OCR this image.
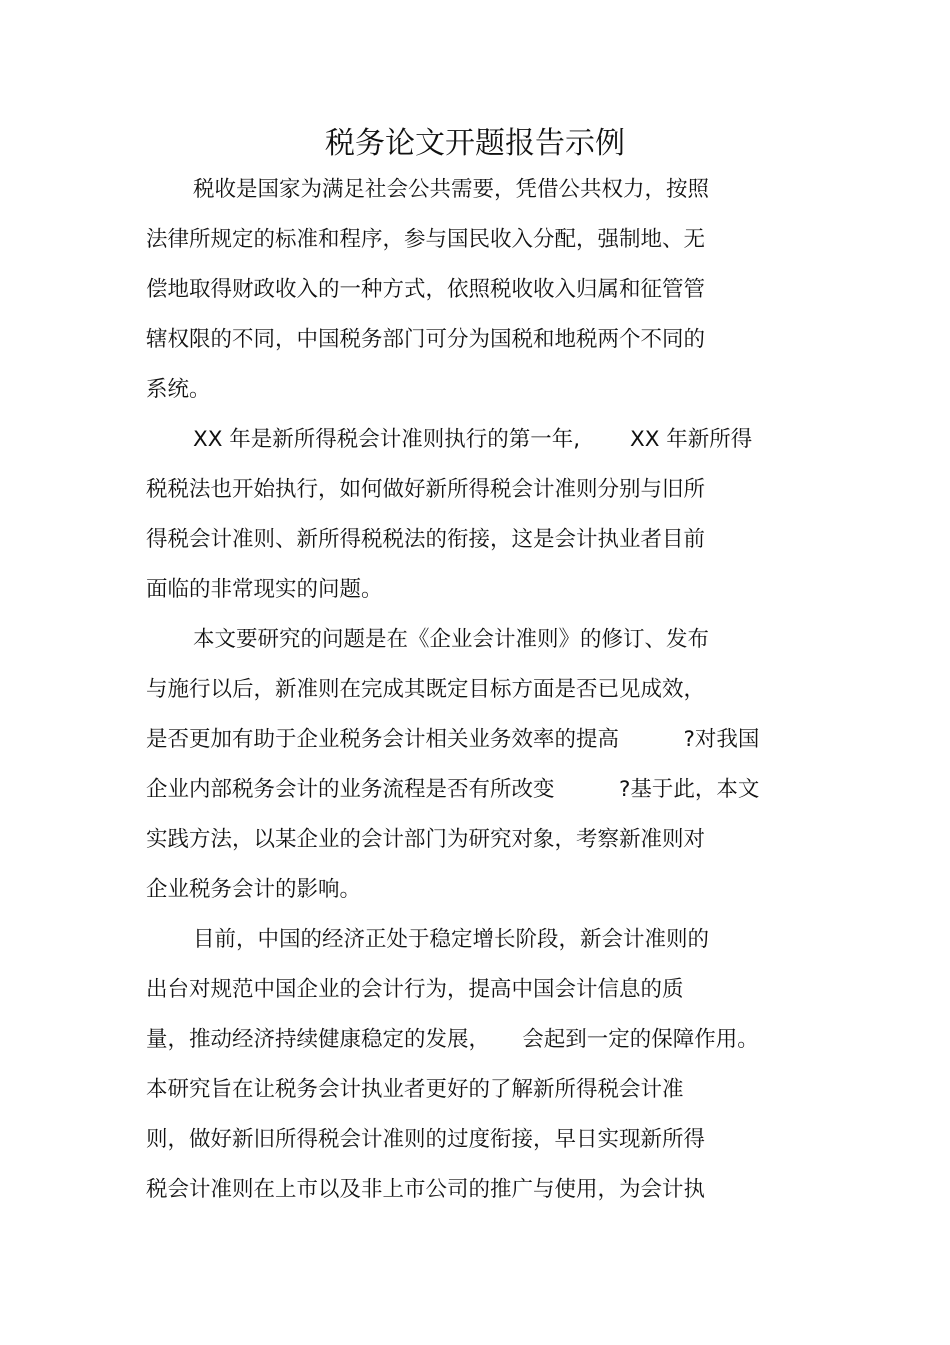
税务论文开题报告示例
税收是国家为满足社会公共需要，凭借公共权力，按照
法律所规定的标准和程序，参与国民收入分配，强制地、无
偿地取得财政收入的一种方式，依照税收收入归属和征管管
辖权限的不同，中国税务部门可分为国税和地税两个不同的
系统。
XX 年是新所得税会计准则执行的第一年,　　 XX 年新所得
税税法也开始执行，如何做好新所得税会计准则分别与旧所
得税会计准则、新所得税税法的衔接，这是会计执业者目前
面临的非常现实的问题。
本文要研究的问题是在《企业会计准则》的修订、发布
与施行以后，新准则在完成其既定目标方面是否已见成效，
是否更加有助于企业税务会计相关业务效率的提高　　　?对我国
企业内部税务会计的业务流程是否有所改变　　　?基于此，本文
实践方法，以某企业的会计部门为研究对象，考察新准则对
企业税务会计的影响。
目前，中国的经济正处于稳定增长阶段，新会计准则的
出台对规范中国企业的会计行为，提高中国会计信息的质
量，推动经济持续健康稳定的发展，　　会起到一定的保障作用。
本研究旨在让税务会计执业者更好的了解新所得税会计准
则，做好新旧所得税会计准则的过度衔接，早日实现新所得
税会计准则在上市以及非上市公司的推广与使用，为会计执
